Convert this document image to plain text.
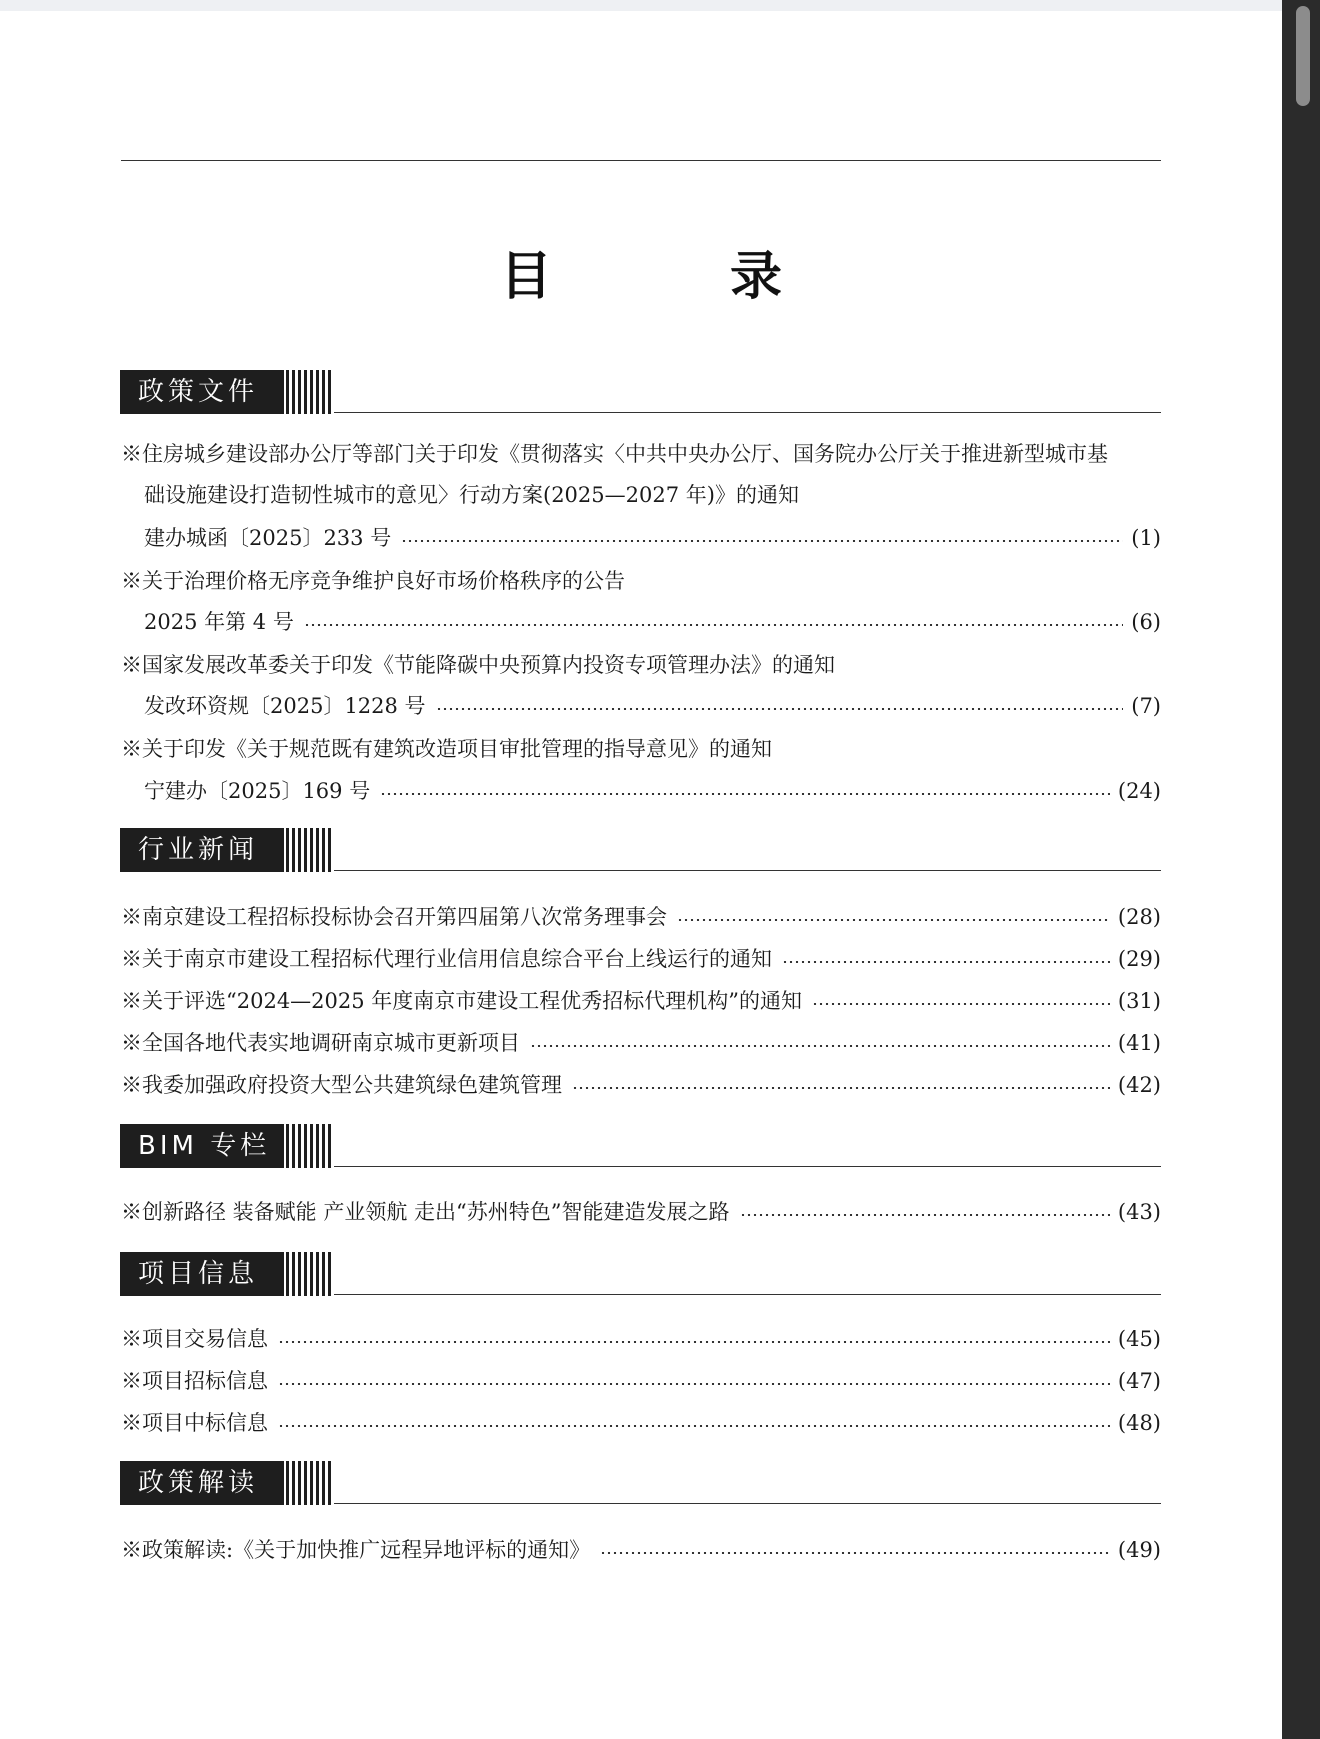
目 录
政策文件
※住房城乡建设部办公厅等部门关于印发《贯彻落实〈中共中央办公厅、国务院办公厅关于推进新型城市基
础设施建设打造韧性城市的意见〉行动方案(2025—2027 年)》的通知
建办城函〔2025〕233 号	(1)
※关于治理价格无序竞争维护良好市场价格秩序的公告
2025 年第 4 号	(6)
※国家发展改革委关于印发《节能降碳中央预算内投资专项管理办法》的通知
发改环资规〔2025〕1228 号	(7)
※关于印发《关于规范既有建筑改造项目审批管理的指导意见》的通知
宁建办〔2025〕169 号	(24)
行业新闻
※南京建设工程招标投标协会召开第四届第八次常务理事会	(28)
※关于南京市建设工程招标代理行业信用信息综合平台上线运行的通知	(29)
※关于评选“2024—2025 年度南京市建设工程优秀招标代理机构”的通知	(31)
※全国各地代表实地调研南京城市更新项目	(41)
※我委加强政府投资大型公共建筑绿色建筑管理	(42)
BIM 专栏
※创新路径 装备赋能 产业领航 走出“苏州特色”智能建造发展之路	(43)
项目信息
※项目交易信息	(45)
※项目招标信息	(47)
※项目中标信息	(48)
政策解读
※政策解读:《关于加快推广远程异地评标的通知》	(49)
